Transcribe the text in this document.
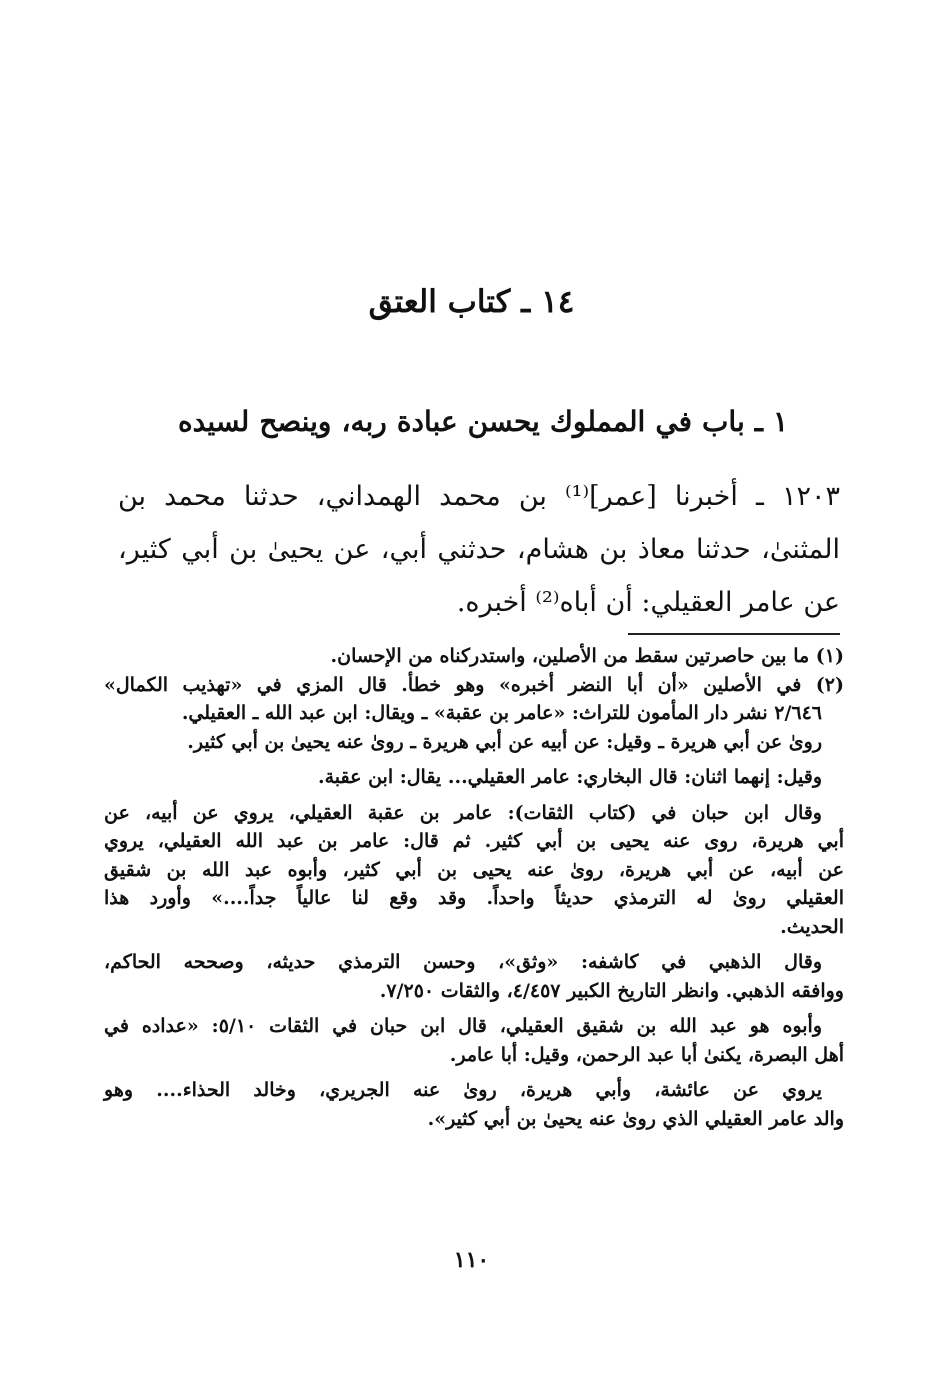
١٤ ـ كتاب العتق
١ ـ باب في المملوك يحسن عبادة ربه، وينصح لسيده
١٢٠٣ ـ أخبرنا [عمر]⁽¹⁾ بن محمد الهمداني، حدثنا محمد بن
المثنىٰ، حدثنا معاذ بن هشام، حدثني أبي، عن يحيىٰ بن أبي كثير،
عن عامر العقيلي: أن أباه⁽²⁾ أخبره.
(١) ما بين حاصرتين سقط من الأصلين، واستدركناه من الإحسان.
(٢) في الأصلين «أن أبا النضر أخبره» وهو خطأ. قال المزي في «تهذيب الكمال»
٢/٦٤٦ نشر دار المأمون للتراث: «عامر بن عقبة» ـ ويقال: ابن عبد الله ـ العقيلي.
روىٰ عن أبي هريرة ـ وقيل: عن أبيه عن أبي هريرة ـ روىٰ عنه يحيىٰ بن أبي كثير.
وقيل: إنهما اثنان: قال البخاري: عامر العقيلي... يقال: ابن عقبة.
وقال ابن حبان في (كتاب الثقات): عامر بن عقبة العقيلي، يروي عن أبيه، عن
أبي هريرة، روى عنه يحيى بن أبي كثير. ثم قال: عامر بن عبد الله العقيلي، يروي
عن أبيه، عن أبي هريرة، روىٰ عنه يحيى بن أبي كثير، وأبوه عبد الله بن شقيق
العقيلي روىٰ له الترمذي حديثاً واحداً. وقد وقع لنا عالياً جداً....» وأورد هذا
الحديث.
وقال الذهبي في كاشفه: «وثق»، وحسن الترمذي حديثه، وصححه الحاكم،
ووافقه الذهبي. وانظر التاريخ الكبير ٤/٤٥٧، والثقات ٧/٢٥٠.
وأبوه هو عبد الله بن شقيق العقيلي، قال ابن حبان في الثقات ٥/١٠: «عداده في
أهل البصرة، يكنىٰ أبا عبد الرحمن، وقيل: أبا عامر.
يروي عن عائشة، وأبي هريرة، روىٰ عنه الجريري، وخالد الحذاء.... وهو
والد عامر العقيلي الذي روىٰ عنه يحيىٰ بن أبي كثير».
١١٠
